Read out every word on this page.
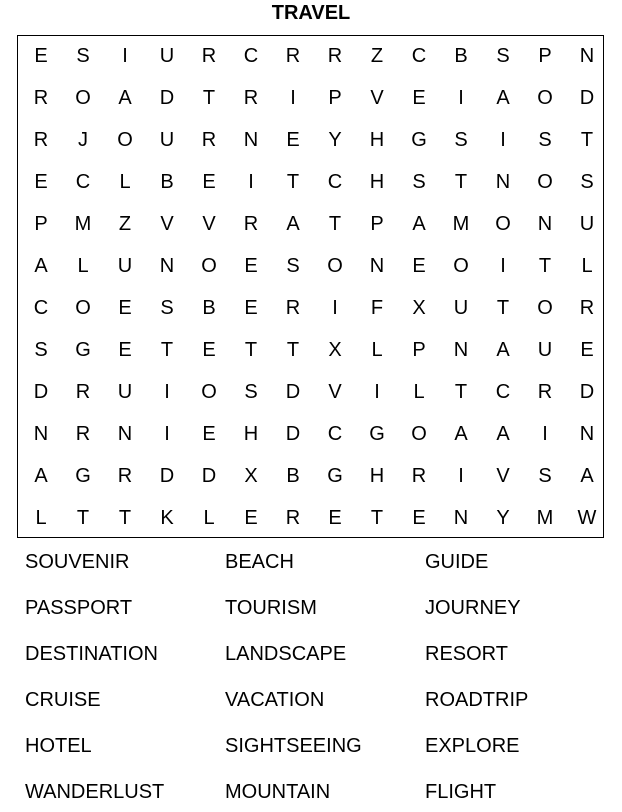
TRAVEL
E	S	I	U	R	C	R	R	Z	C	B	S	P	N
R	O	A	D	T	R	I	P	V	E	I	A	O	D
R	J	O	U	R	N	E	Y	H	G	S	I	S	T
E	C	L	B	E	I	T	C	H	S	T	N	O	S
P	M	Z	V	V	R	A	T	P	A	M	O	N	U
A	L	U	N	O	E	S	O	N	E	O	I	T	L
C	O	E	S	B	E	R	I	F	X	U	T	O	R
S	G	E	T	E	T	T	X	L	P	N	A	U	E
D	R	U	I	O	S	D	V	I	L	T	C	R	D
N	R	N	I	E	H	D	C	G	O	A	A	I	N
A	G	R	D	D	X	B	G	H	R	I	V	S	A
L	T	T	K	L	E	R	E	T	E	N	Y	M	W
SOUVENIR	BEACH	GUIDE
PASSPORT	TOURISM	JOURNEY
DESTINATION	LANDSCAPE	RESORT
CRUISE	VACATION	ROADTRIP
HOTEL	SIGHTSEEING	EXPLORE
WANDERLUST	MOUNTAIN	FLIGHT
